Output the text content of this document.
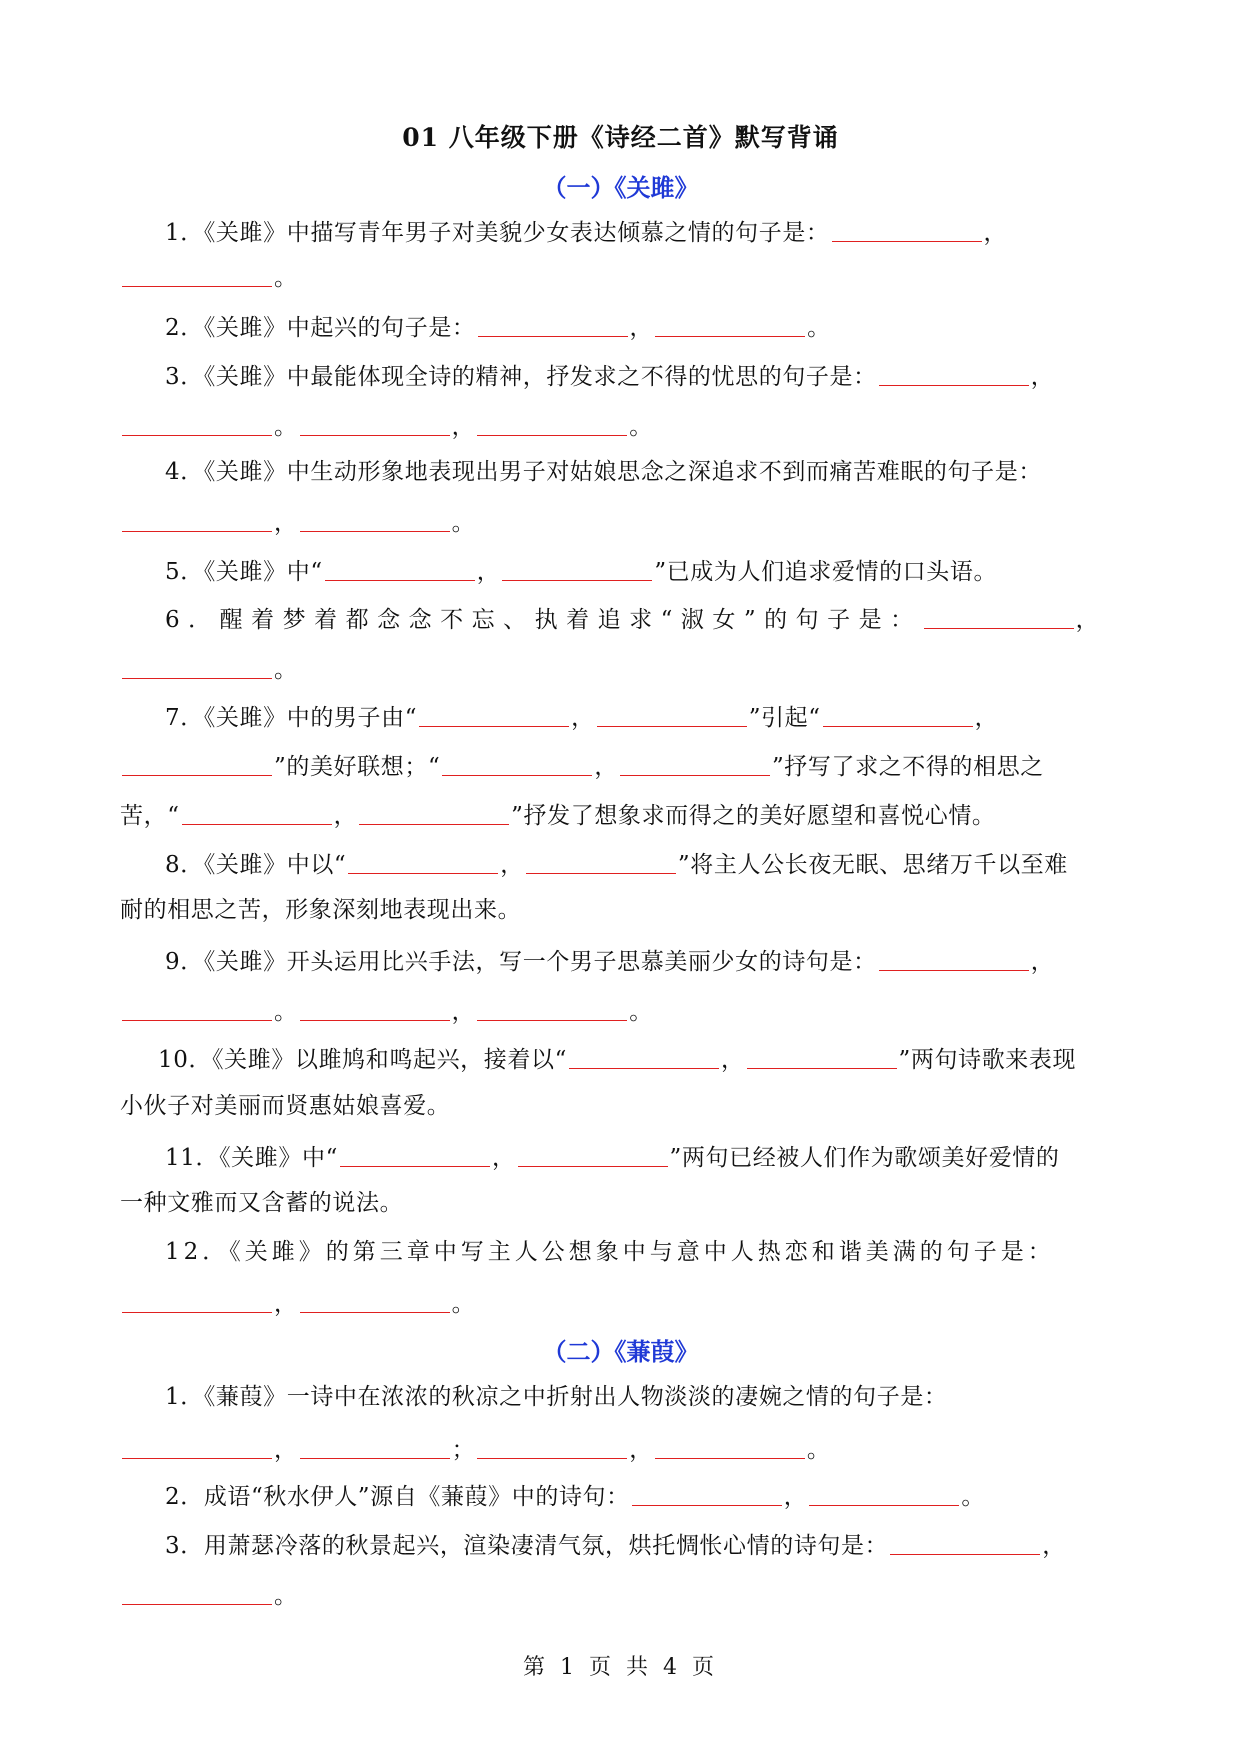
01 八年级下册《诗经二首》默写背诵
（一）《关雎》
1．《关雎》中描写青年男子对美貌少女表达倾慕之情的句子是：	，
。
2．《关雎》中起兴的句子是：	，	。
3．《关雎》中最能体现全诗的精神，抒发求之不得的忧思的句子是：	，
。	，	。
4．《关雎》中生动形象地表现出男子对姑娘思念之深追求不到而痛苦难眠的句子是：
，	。
5．《关雎》中“	，	”已成为人们追求爱情的口头语。
6．醒着梦着都念念不忘、执着追求“淑女”的句子是：	，
。
7．《关雎》中的男子由“	，	”引起“	，
”的美好联想；“	，	”抒写了求之不得的相思之
苦，“	，	”抒发了想象求而得之的美好愿望和喜悦心情。
8．《关雎》中以“	，	”将主人公长夜无眠、思绪万千以至难
耐的相思之苦，形象深刻地表现出来。
9．《关雎》开头运用比兴手法，写一个男子思慕美丽少女的诗句是：	，
。	，	。
10．《关雎》以雎鸠和鸣起兴，接着以“	，	”两句诗歌来表现
小伙子对美丽而贤惠姑娘喜爱。
11．《关雎》中“	，	”两句已经被人们作为歌颂美好爱情的
一种文雅而又含蓄的说法。
12．《关雎》的第三章中写主人公想象中与意中人热恋和谐美满的句子是：
，	。
（二）《蒹葭》
1．《蒹葭》一诗中在浓浓的秋凉之中折射出人物淡淡的凄婉之情的句子是：
，	；	，	。
2．成语“秋水伊人”源自《蒹葭》中的诗句：	，	。
3．用萧瑟冷落的秋景起兴，渲染凄清气氛，烘托惆怅心情的诗句是：	，
。
第 1 页 共 4 页
